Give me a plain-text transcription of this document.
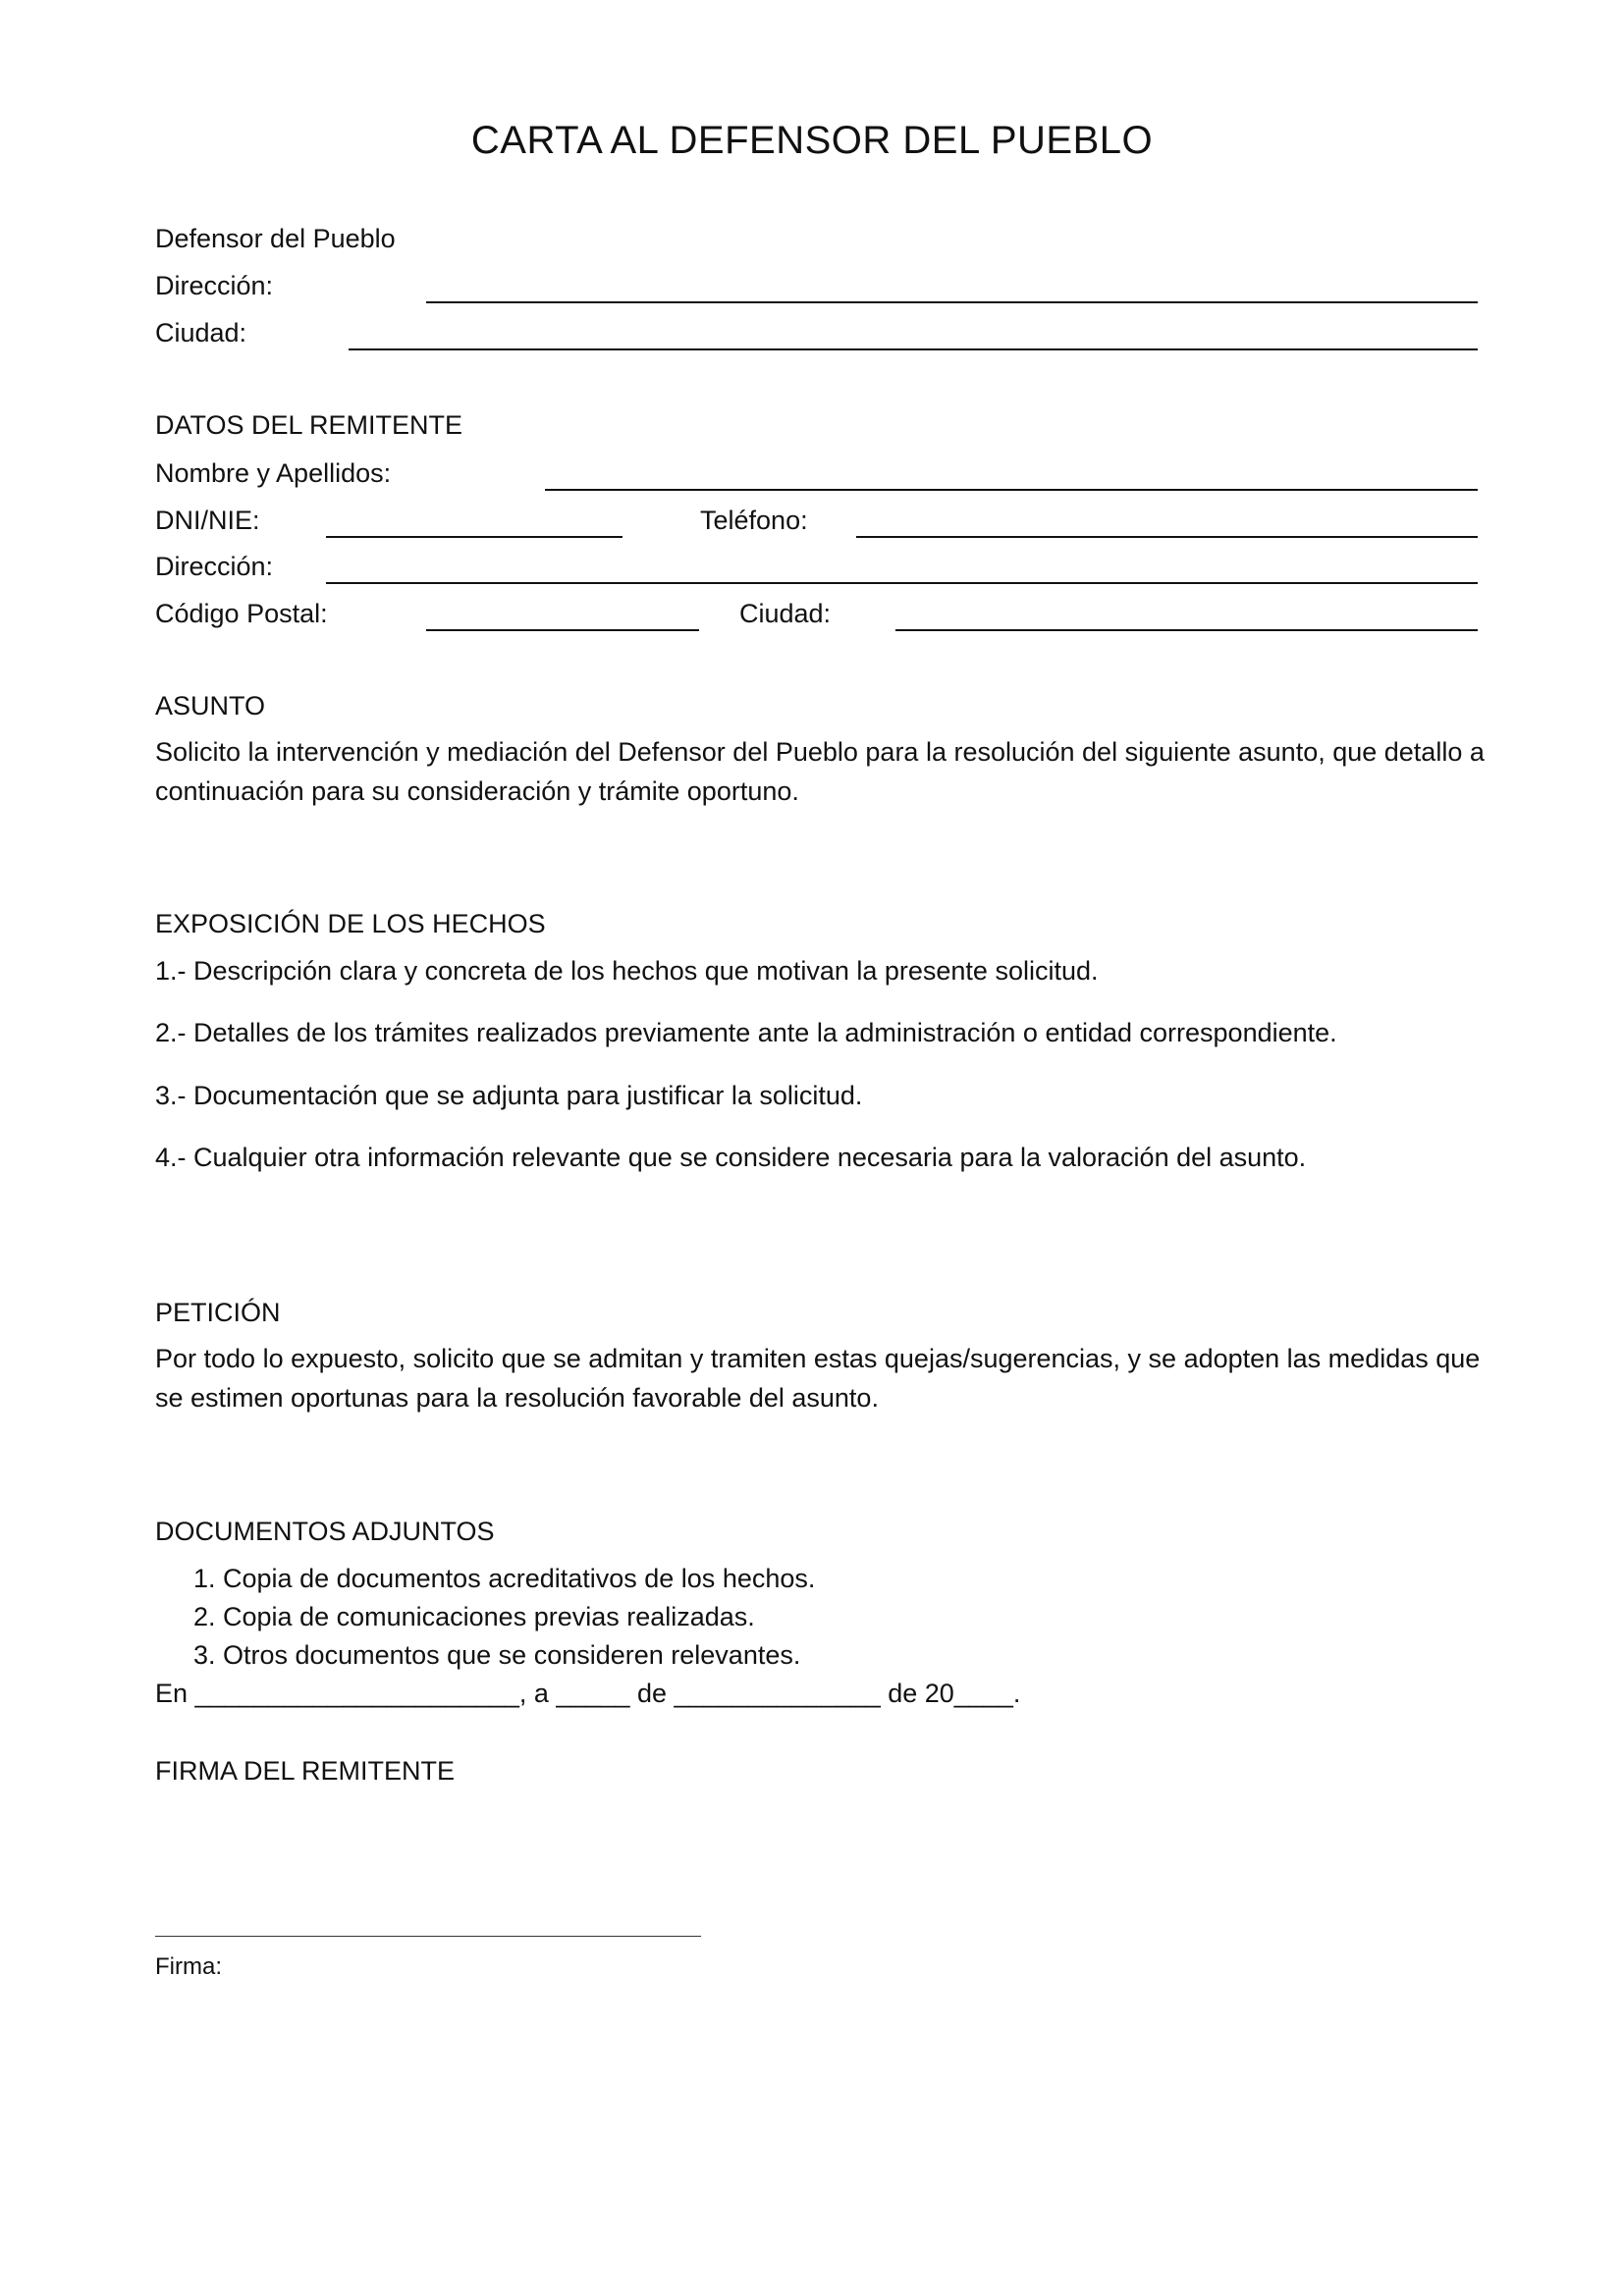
CARTA AL DEFENSOR DEL PUEBLO
Defensor del Pueblo
Dirección:
Ciudad:
DATOS DEL REMITENTE
Nombre y Apellidos:
DNI/NIE:	Teléfono:
Dirección:
Código Postal:	Ciudad:
ASUNTO
Solicito la intervención y mediación del Defensor del Pueblo para la resolución del siguiente asunto, que detallo a continuación para su consideración y trámite oportuno.
EXPOSICIÓN DE LOS HECHOS
1.- Descripción clara y concreta de los hechos que motivan la presente solicitud.
2.- Detalles de los trámites realizados previamente ante la administración o entidad correspondiente.
3.- Documentación que se adjunta para justificar la solicitud.
4.- Cualquier otra información relevante que se considere necesaria para la valoración del asunto.
PETICIÓN
Por todo lo expuesto, solicito que se admitan y tramiten estas quejas/sugerencias, y se adopten las medidas que se estimen oportunas para la resolución favorable del asunto.
DOCUMENTOS ADJUNTOS
1. Copia de documentos acreditativos de los hechos.
2. Copia de comunicaciones previas realizadas.
3. Otros documentos que se consideren relevantes.
En ______________________, a _____ de ______________ de 20____.
FIRMA DEL REMITENTE
Firma:
